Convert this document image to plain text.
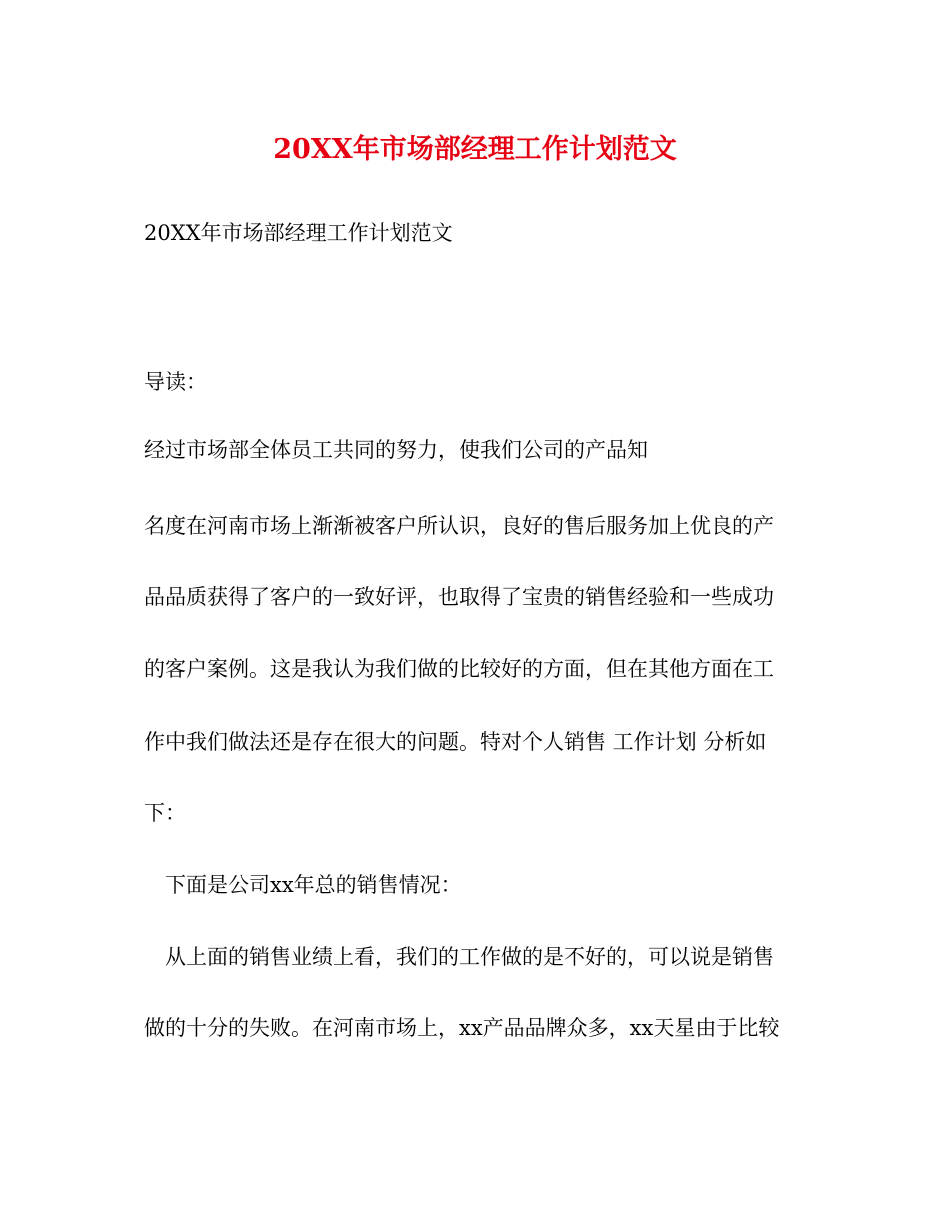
20XX年市场部经理工作计划范文
20XX年市场部经理工作计划范文
导读：
经过市场部全体员工共同的努力，使我们公司的产品知
名度在河南市场上渐渐被客户所认识，良好的售后服务加上优良的产
品品质获得了客户的一致好评，也取得了宝贵的销售经验和一些成功
的客户案例。这是我认为我们做的比较好的方面，但在其他方面在工
作中我们做法还是存在很大的问题。特对个人销售 工作计划 分析如
下：
下面是公司xx年总的销售情况：
从上面的销售业绩上看，我们的工作做的是不好的，可以说是销售
做的十分的失败。在河南市场上，xx产品品牌众多，xx天星由于比较
